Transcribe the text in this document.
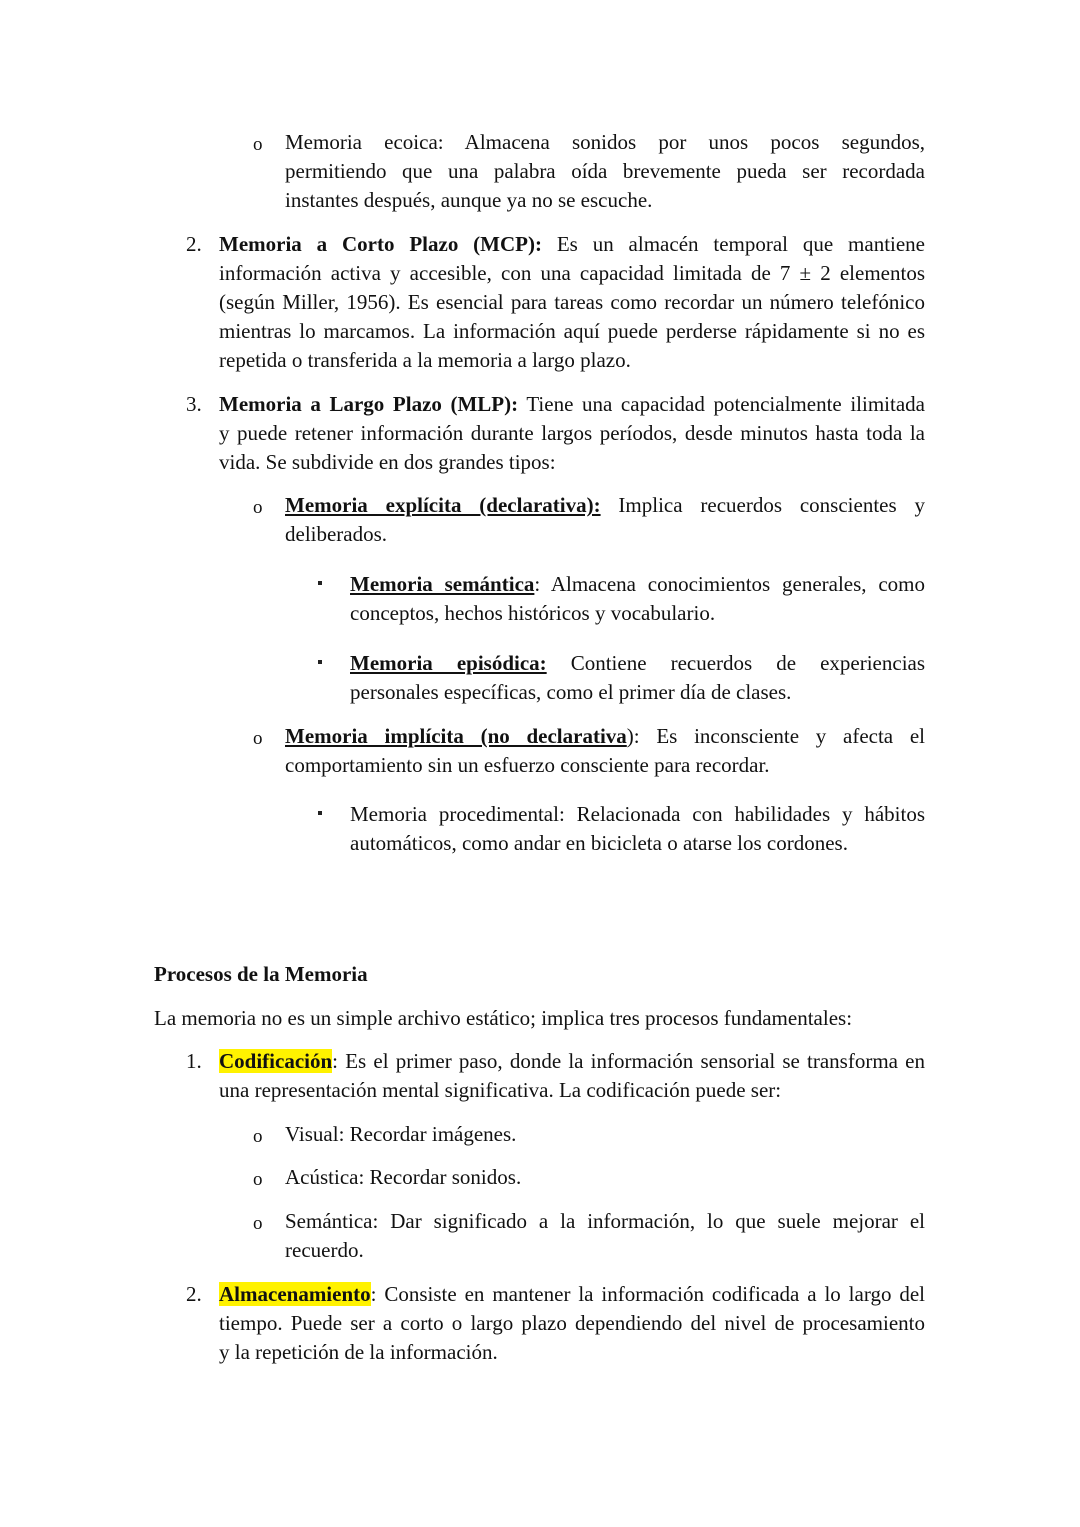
o Memoria ecoica: Almacena sonidos por unos pocos segundos,
permitiendo que una palabra oída brevemente pueda ser recordada
instantes después, aunque ya no se escuche.
2. Memoria a Corto Plazo (MCP): Es un almacén temporal que mantiene
información activa y accesible, con una capacidad limitada de 7 ± 2 elementos
(según Miller, 1956). Es esencial para tareas como recordar un número telefónico
mientras lo marcamos. La información aquí puede perderse rápidamente si no es
repetida o transferida a la memoria a largo plazo.
3. Memoria a Largo Plazo (MLP): Tiene una capacidad potencialmente ilimitada
y puede retener información durante largos períodos, desde minutos hasta toda la
vida. Se subdivide en dos grandes tipos:
o Memoria explícita (declarativa): Implica recuerdos conscientes y
deliberados.
Memoria semántica: Almacena conocimientos generales, como
conceptos, hechos históricos y vocabulario.
Memoria episódica: Contiene recuerdos de experiencias
personales específicas, como el primer día de clases.
o Memoria implícita (no declarativa): Es inconsciente y afecta el
comportamiento sin un esfuerzo consciente para recordar.
Memoria procedimental: Relacionada con habilidades y hábitos
automáticos, como andar en bicicleta o atarse los cordones.
Procesos de la Memoria
La memoria no es un simple archivo estático; implica tres procesos fundamentales:
1. Codificación: Es el primer paso, donde la información sensorial se transforma en
una representación mental significativa. La codificación puede ser:
o Visual: Recordar imágenes.
o Acústica: Recordar sonidos.
o Semántica: Dar significado a la información, lo que suele mejorar el
recuerdo.
2. Almacenamiento: Consiste en mantener la información codificada a lo largo del
tiempo. Puede ser a corto o largo plazo dependiendo del nivel de procesamiento
y la repetición de la información.
